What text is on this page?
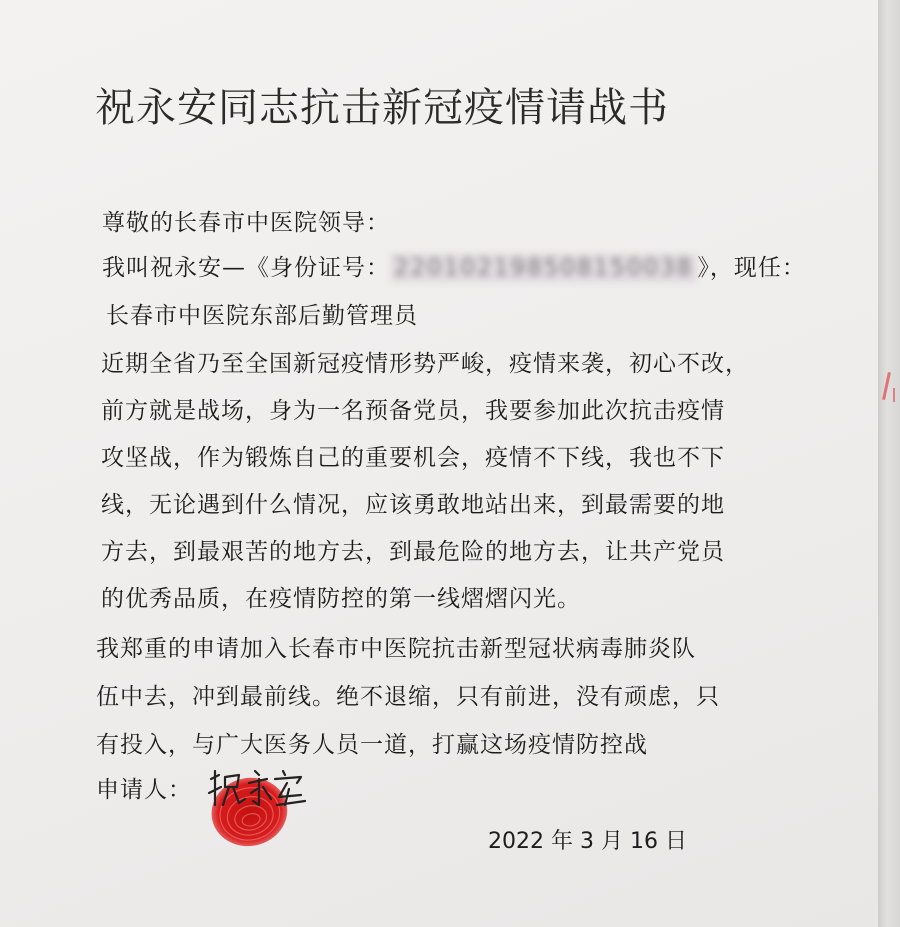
祝永安同志抗击新冠疫情请战书
尊敬的长春市中医院领导：
我叫祝永安—《身份证号： 220102198508150038 》，现任：
长春市中医院东部后勤管理员
近期全省乃至全国新冠疫情形势严峻，疫情来袭，初心不改，
前方就是战场，身为一名预备党员，我要参加此次抗击疫情
攻坚战，作为锻炼自己的重要机会，疫情不下线，我也不下
线，无论遇到什么情况，应该勇敢地站出来，到最需要的地
方去，到最艰苦的地方去，到最危险的地方去，让共产党员
的优秀品质，在疫情防控的第一线熠熠闪光。
我郑重的申请加入长春市中医院抗击新型冠状病毒肺炎队
伍中去，冲到最前线。绝不退缩，只有前进，没有顽虑，只
有投入，与广大医务人员一道，打赢这场疫情防控战
申请人：
2022 年 3 月 16 日
